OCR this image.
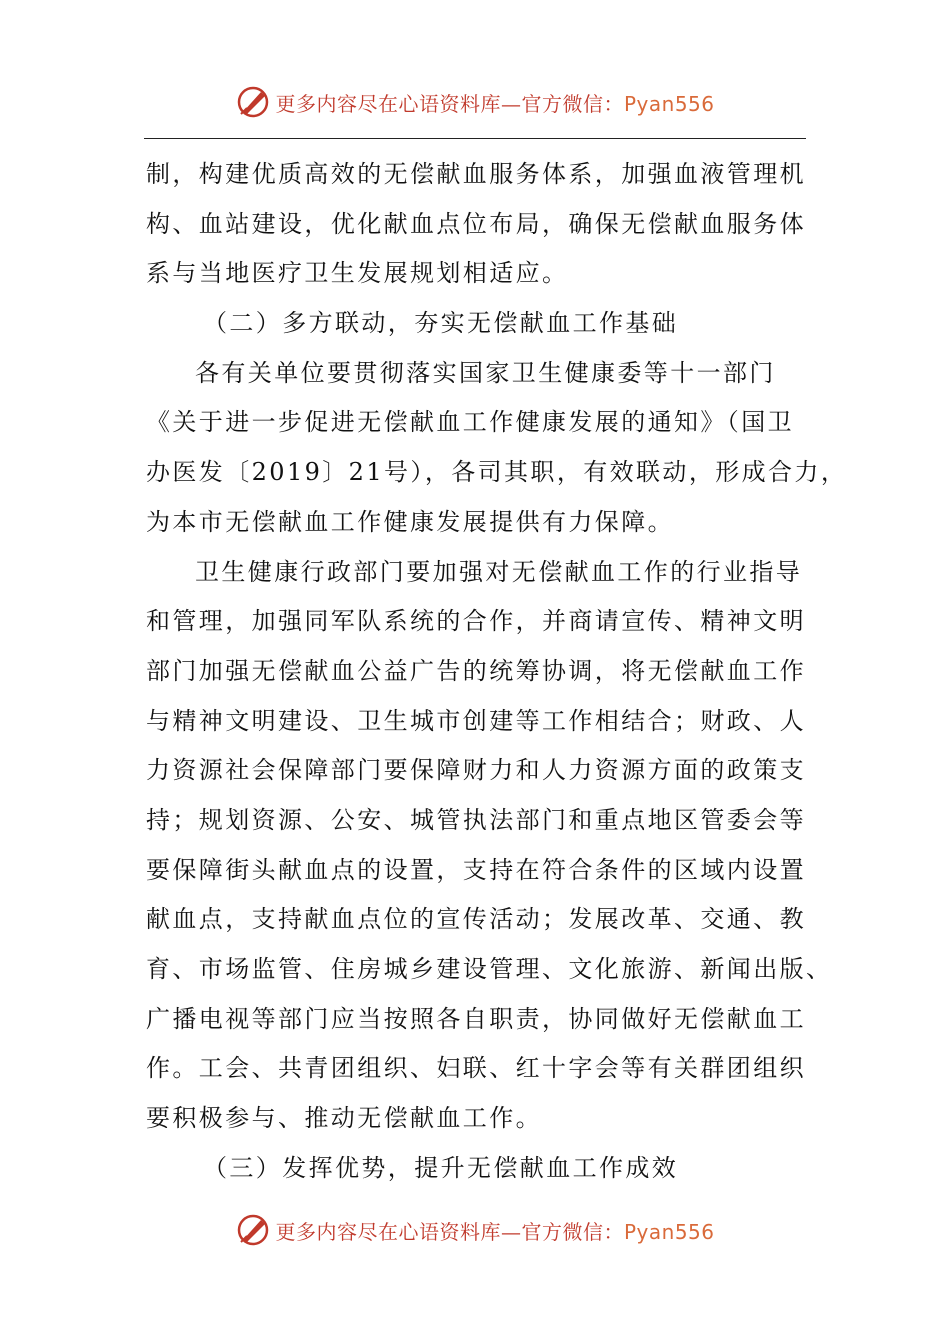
更多内容尽在心语资料库—官方微信：Pyan556
制，构建优质高效的无偿献血服务体系，加强血液管理机
构、血站建设，优化献血点位布局，确保无偿献血服务体
系与当地医疗卫生发展规划相适应。
（二）多方联动，夯实无偿献血工作基础
各有关单位要贯彻落实国家卫生健康委等十一部门
《关于进一步促进无偿献血工作健康发展的通知》（国卫
办医发〔2019〕21号），各司其职，有效联动，形成合力，
为本市无偿献血工作健康发展提供有力保障。
卫生健康行政部门要加强对无偿献血工作的行业指导
和管理，加强同军队系统的合作，并商请宣传、精神文明
部门加强无偿献血公益广告的统筹协调，将无偿献血工作
与精神文明建设、卫生城市创建等工作相结合；财政、人
力资源社会保障部门要保障财力和人力资源方面的政策支
持；规划资源、公安、城管执法部门和重点地区管委会等
要保障街头献血点的设置，支持在符合条件的区域内设置
献血点，支持献血点位的宣传活动；发展改革、交通、教
育、市场监管、住房城乡建设管理、文化旅游、新闻出版、
广播电视等部门应当按照各自职责，协同做好无偿献血工
作。工会、共青团组织、妇联、红十字会等有关群团组织
要积极参与、推动无偿献血工作。
（三）发挥优势，提升无偿献血工作成效
更多内容尽在心语资料库—官方微信：Pyan556
